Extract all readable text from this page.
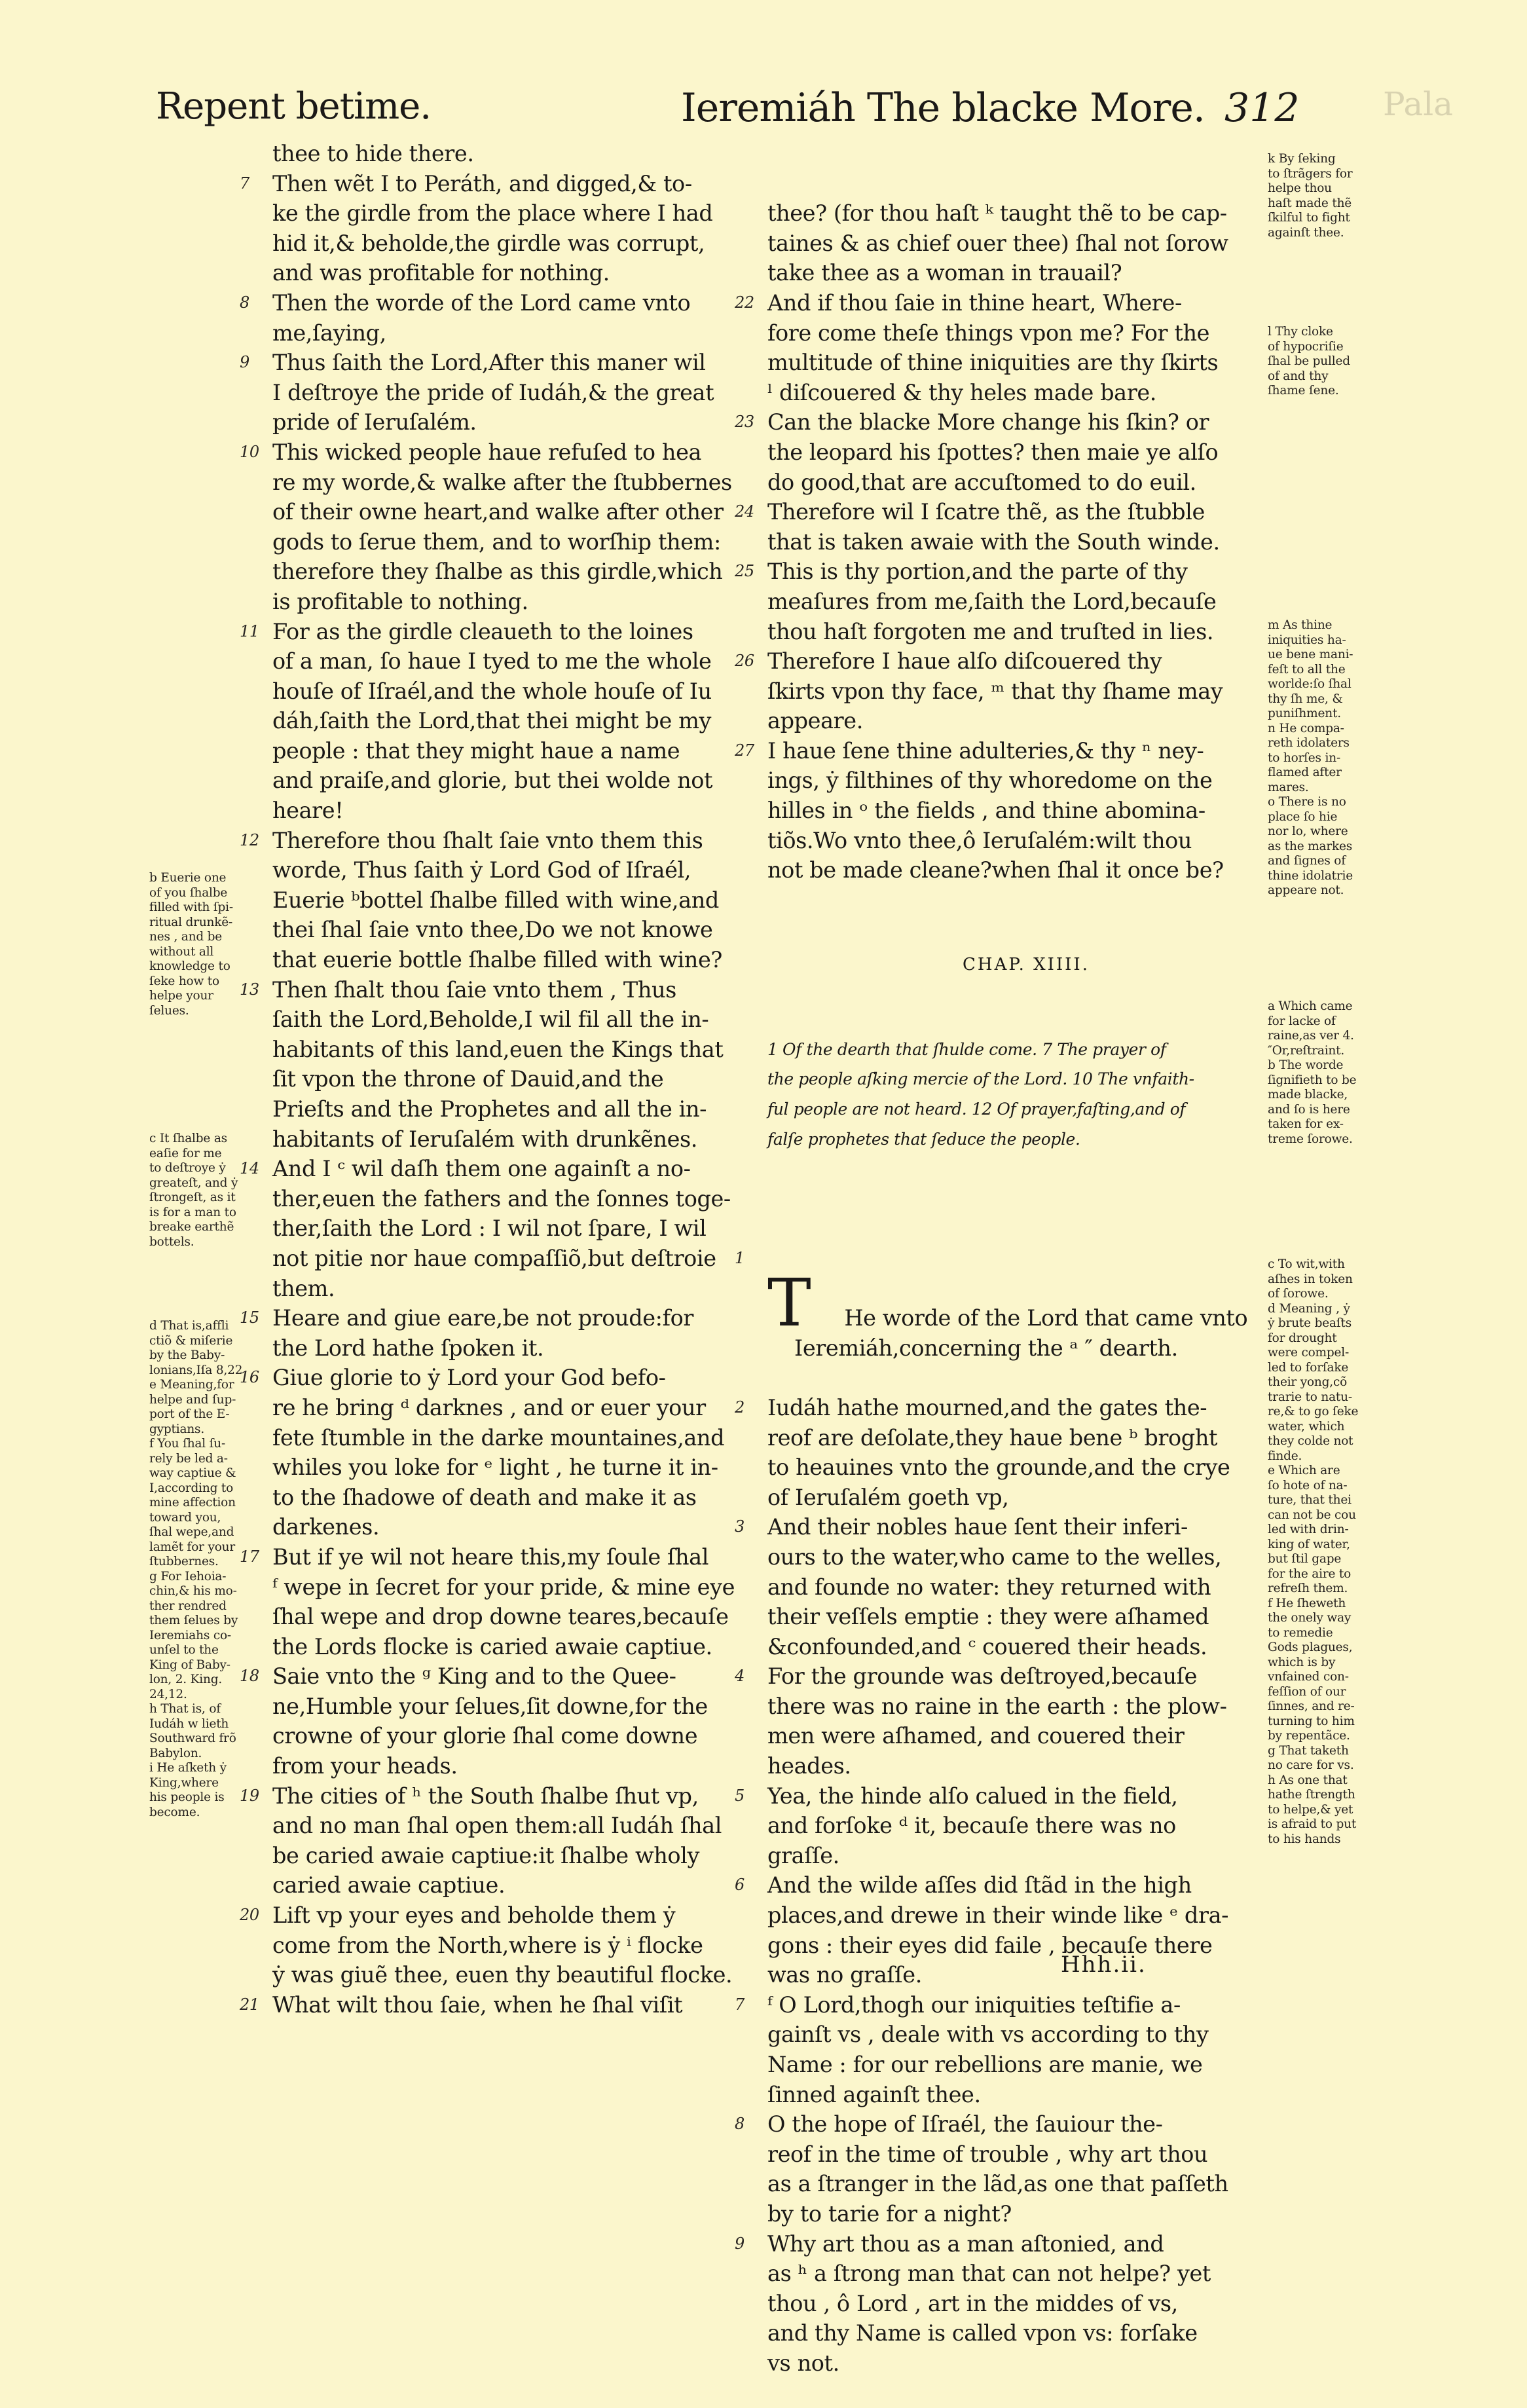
Repent betime.	Ieremiáh The blacke More. 312	Pala
thee to hide there.
7 Then wẽt I to Peráth, and digged,& to-
ke the girdle from the place where I had
hid it,& beholde,the girdle was corrupt,
and was profitable for nothing.
8 Then the worde of the Lord came vnto
me,ſaying,
9 Thus ſaith the Lord,After this maner wil
I deſtroye the pride of Iudáh,& the great
pride of Ieruſalém.
10 This wicked people haue refuſed to hea
re my worde,& walke after the ſtubbernes
of their owne heart,and walke after other
gods to ſerue them, and to worſhip them:
therefore they ſhalbe as this girdle,which
is profitable to nothing.
11 For as the girdle cleaueth to the loines
of a man, ſo haue I tyed to me the whole
houſe of Iſraél,and the whole houſe of Iu
dáh,ſaith the Lord,that thei might be my
people : that they might haue a name
and praiſe,and glorie, but thei wolde not
heare!
12 Therefore thou ſhalt ſaie vnto them this
worde, Thus ſaith ẏ Lord God of Iſraél,
Euerie ᵇbottel ſhalbe filled with wine,and
thei ſhal ſaie vnto thee,Do we not knowe
that euerie bottle ſhalbe filled with wine?
13 Then ſhalt thou ſaie vnto them , Thus
ſaith the Lord,Beholde,I wil fil all the in-
habitants of this land,euen the Kings that
ſit vpon the throne of Dauid,and the
Prieſts and the Prophetes and all the in-
habitants of Ieruſalém with drunkẽnes.
14 And I ᶜ wil daſh them one againſt a no-
ther,euen the fathers and the ſonnes toge-
ther,ſaith the Lord : I wil not ſpare, I wil
not pitie nor haue compaſſiõ,but deſtroie
them.
15 Heare and giue eare,be not proude:for
the Lord hathe ſpoken it.
16 Giue glorie to ẏ Lord your God befo-
re he bring ᵈ darknes , and or euer your
fete ſtumble in the darke mountaines,and
whiles you loke for ᵉ light , he turne it in-
to the ſhadowe of death and make it as
darkenes.
17 But if ye wil not heare this,my ſoule ſhal
ᶠ wepe in ſecret for your pride, & mine eye
ſhal wepe and drop downe teares,becauſe
the Lords flocke is caried awaie captiue.
18 Saie vnto the ᵍ King and to the Quee-
ne,Humble your ſelues,ſit downe,for the
crowne of your glorie ſhal come downe
from your heads.
19 The cities of ʰ the South ſhalbe ſhut vp,
and no man ſhal open them:all Iudáh ſhal
be caried awaie captiue:it ſhalbe wholy
caried awaie captiue.
20 Lift vp your eyes and beholde them ẏ
come from the North,where is ẏ ⁱ flocke
ẏ was giuẽ thee, euen thy beautiful flocke.
21 What wilt thou ſaie, when he ſhal viſit

thee? (for thou haſt ᵏ taught thẽ to be cap-
taines & as chief ouer thee) ſhal not ſorow
take thee as a woman in trauail?
22 And if thou ſaie in thine heart, Where-
fore come theſe things vpon me? For the
multitude of thine iniquities are thy ſkirts
ˡ diſcouered & thy heles made bare.
23 Can the blacke More change his ſkin? or
the leopard his ſpottes? then maie ye alſo
do good,that are accuſtomed to do euil.
24 Therefore wil I ſcatre thẽ, as the ſtubble
that is taken awaie with the South winde.
25 This is thy portion,and the parte of thy
meaſures from me,ſaith the Lord,becauſe
thou haſt forgoten me and truſted in lies.
26 Therefore I haue alſo diſcouered thy
ſkirts vpon thy face, ᵐ that thy ſhame may
appeare.
27 I haue ſene thine adulteries,& thy ⁿ ney-
ings, ẏ filthines of thy whoredome on the
hilles in ᵒ the fields , and thine abomina-
tiõs.Wo vnto thee,ô Ieruſalém:wilt thou
not be made cleane?when ſhal it once be?

CHAP. XIIII.

1 Of the dearth that ſhulde come. 7 The prayer of
the people aſking mercie of the Lord. 10 The vnfaith-
ful people are not heard. 12 Of prayer,faſting,and of
falſe prophetes that ſeduce the people.

1

T He worde of the Lord that came vnto

Ieremiáh,concerning the ᵃ ″ dearth.

2 Iudáh hathe mourned,and the gates the-
reof are deſolate,they haue bene ᵇ broght
to heauines vnto the grounde,and the crye
of Ieruſalém goeth vp,
3 And their nobles haue ſent their inferi-
ours to the water,who came to the welles,
and founde no water: they returned with
their veſſels emptie : they were aſhamed
&confounded,and ᶜ couered their heads.
4 For the grounde was deſtroyed,becauſe
there was no raine in the earth : the plow-
men were aſhamed, and couered their
heades.
5 Yea, the hinde alſo calued in the field,
and forſoke ᵈ it, becauſe there was no
graſſe.
6 And the wilde aſſes did ſtãd in the high
places,and drewe in their winde like ᵉ dra-
gons : their eyes did faile , becauſe there
was no graſſe.
7 ᶠ O Lord,thogh our iniquities teſtifie a-
gainſt vs , deale with vs according to thy
Name : for our rebellions are manie, we
ſinned againſt thee.
8 O the hope of Iſraél, the ſauiour the-
reof in the time of trouble , why art thou
as a ſtranger in the lãd,as one that paſſeth
by to tarie for a night?
9 Why art thou as a man aſtonied, and
as ʰ a ſtrong man that can not helpe? yet
thou , ô Lord , art in the middes of vs,
and thy Name is called vpon vs: forſake
vs not.

b Euerie one
of you ſhalbe
filled with ſpi-
ritual drunkẽ-
nes , and be
without all
knowledge to
ſeke how to
helpe your
ſelues.
c It ſhalbe as
eaſie for me
to deſtroye ẏ
greateſt, and ẏ
ſtrongeſt, as it
is for a man to
breake earthẽ
bottels.
d That is,affli
ctiõ & miſerie
by the Baby-
lonians,Iſa 8,22
e Meaning,for
helpe and ſup-
port of the E-
gyptians.
f You ſhal ſu-
rely be led a-
way captiue &
I,according to
mine affection
toward you,
ſhal wepe,and
lamẽt for your
ſtubbernes.
g For Iehoia-
chin,& his mo-
ther rendred
them ſelues by
Ieremiahs co-
unſel to the
King of Baby-
lon, 2. King.
24,12.
h That is, of
Iudáh w lieth
Southward frõ
Babylon.
i He aſketh ẏ
King,where
his people is
become.
k By ſeking
to ſtrãgers for
helpe thou
haſt made thẽ
ſkilful to fight
againſt thee.
l Thy cloke
of hypocriſie
ſhal be pulled
of and thy
ſhame ſene.
m As thine
iniquities ha-
ue bene mani-
feſt to all the
worlde:ſo ſhal
thy ſh me, &
puniſhment.
n He compa-
reth idolaters
to horſes in-
flamed after
mares.
o There is no
place ſo hie
nor lo, where
as the markes
and ſignes of
thine idolatrie
appeare not.
a Which came
for lacke of
raine,as ver 4.
″Or,reſtraint.
b The worde
ſignifieth to be
made blacke,
and ſo is here
taken for ex-
treme ſorowe.
c To wit,with
aſhes in token
of ſorowe.
d Meaning , ẏ
ẏ brute beaſts
for drought
were compel-
led to forſake
their yong,cõ
trarie to natu-
re,& to go ſeke
water, which
they colde not
finde.
e Which are
ſo hote of na-
ture, that thei
can not be cou
led with drin-
king of water,
but ſtil gape
for the aire to
refreſh them.
f He ſheweth
the onely way
to remedie
Gods plagues,
which is by
vnfained con-
feſſion of our
ſinnes, and re-
turning to him
by repentãce.
g That taketh
no care for vs.
h As one that
hathe ſtrength
to helpe,& yet
is afraid to put
to his hands
Hhh.ii.
